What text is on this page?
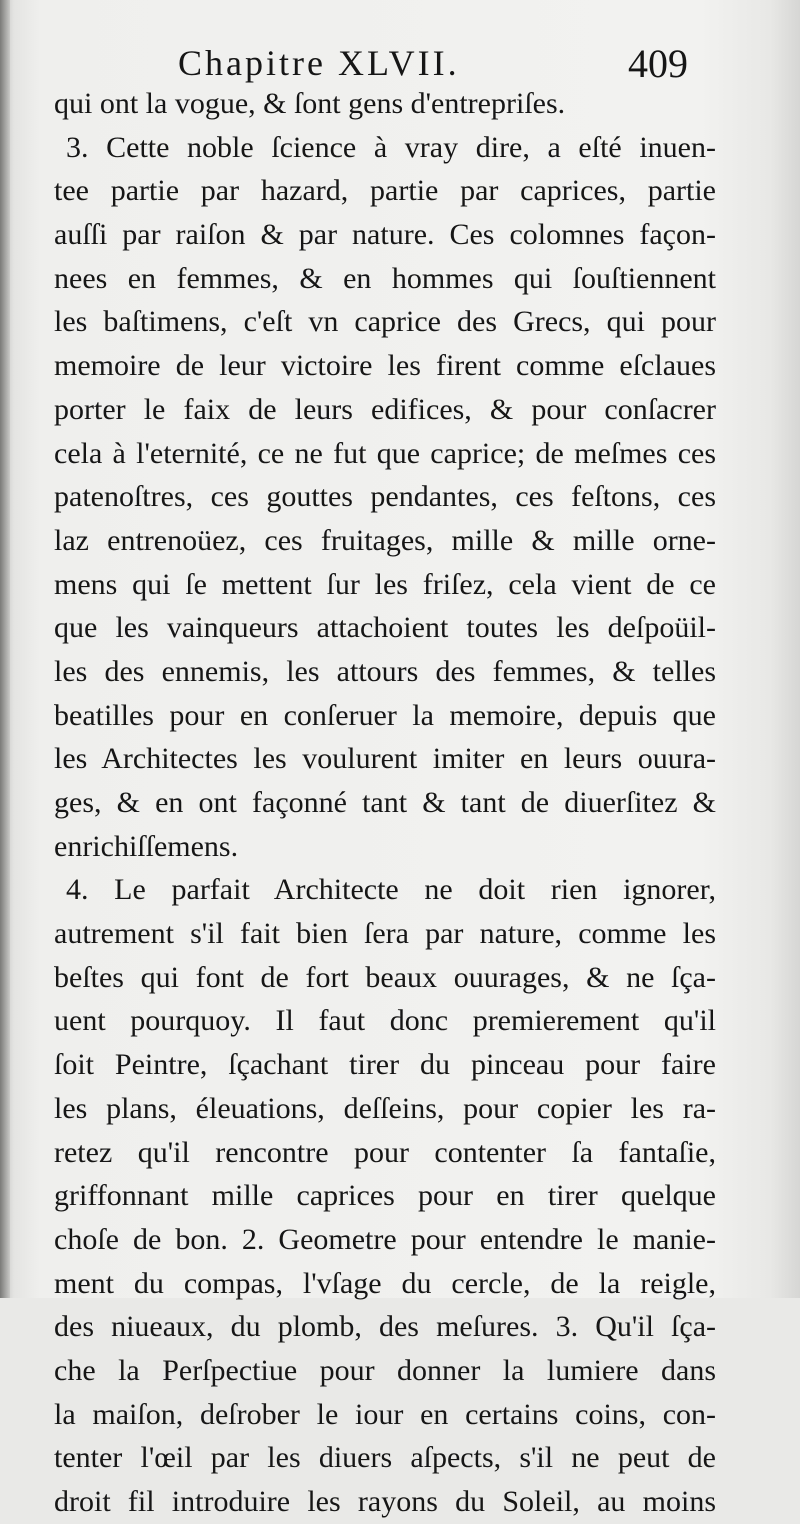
Chapitre XLVII.	409
qui ont la vogue, & ſont gens d'entrepriſes.
3. Cette noble ſcience à vray dire, a eſté inuen-
tee partie par hazard, partie par caprices, partie
auſſi par raiſon & par nature. Ces colomnes façon-
nees en femmes, & en hommes qui ſouſtiennent
les baſtimens, c'eſt vn caprice des Grecs, qui pour
memoire de leur victoire les firent comme eſclaues
porter le faix de leurs edifices, & pour conſacrer
cela à l'eternité, ce ne fut que caprice; de meſmes ces
patenoſtres, ces gouttes pendantes, ces feſtons, ces
laz entrenoüez, ces fruitages, mille & mille orne-
mens qui ſe mettent ſur les friſez, cela vient de ce
que les vainqueurs attachoient toutes les deſpoüil-
les des ennemis, les attours des femmes, & telles
beatilles pour en conſeruer la memoire, depuis que
les Architectes les voulurent imiter en leurs ouura-
ges, & en ont façonné tant & tant de diuerſitez &
enrichiſſemens.
4. Le parfait Architecte ne doit rien ignorer,
autrement s'il fait bien ſera par nature, comme les
beſtes qui font de fort beaux ouurages, & ne ſça-
uent pourquoy. Il faut donc premierement qu'il
ſoit Peintre, ſçachant tirer du pinceau pour faire
les plans, éleuations, deſſeins, pour copier les ra-
retez qu'il rencontre pour contenter ſa fantaſie,
griffonnant mille caprices pour en tirer quelque
choſe de bon. 2. Geometre pour entendre le manie-
ment du compas, l'vſage du cercle, de la reigle,
des niueaux, du plomb, des meſures. 3. Qu'il ſça-
che la Perſpectiue pour donner la lumiere dans
la maiſon, deſrober le iour en certains coins, con-
tenter l'œil par les diuers aſpects, s'il ne peut de
droit fil introduire les rayons du Soleil, au moins
